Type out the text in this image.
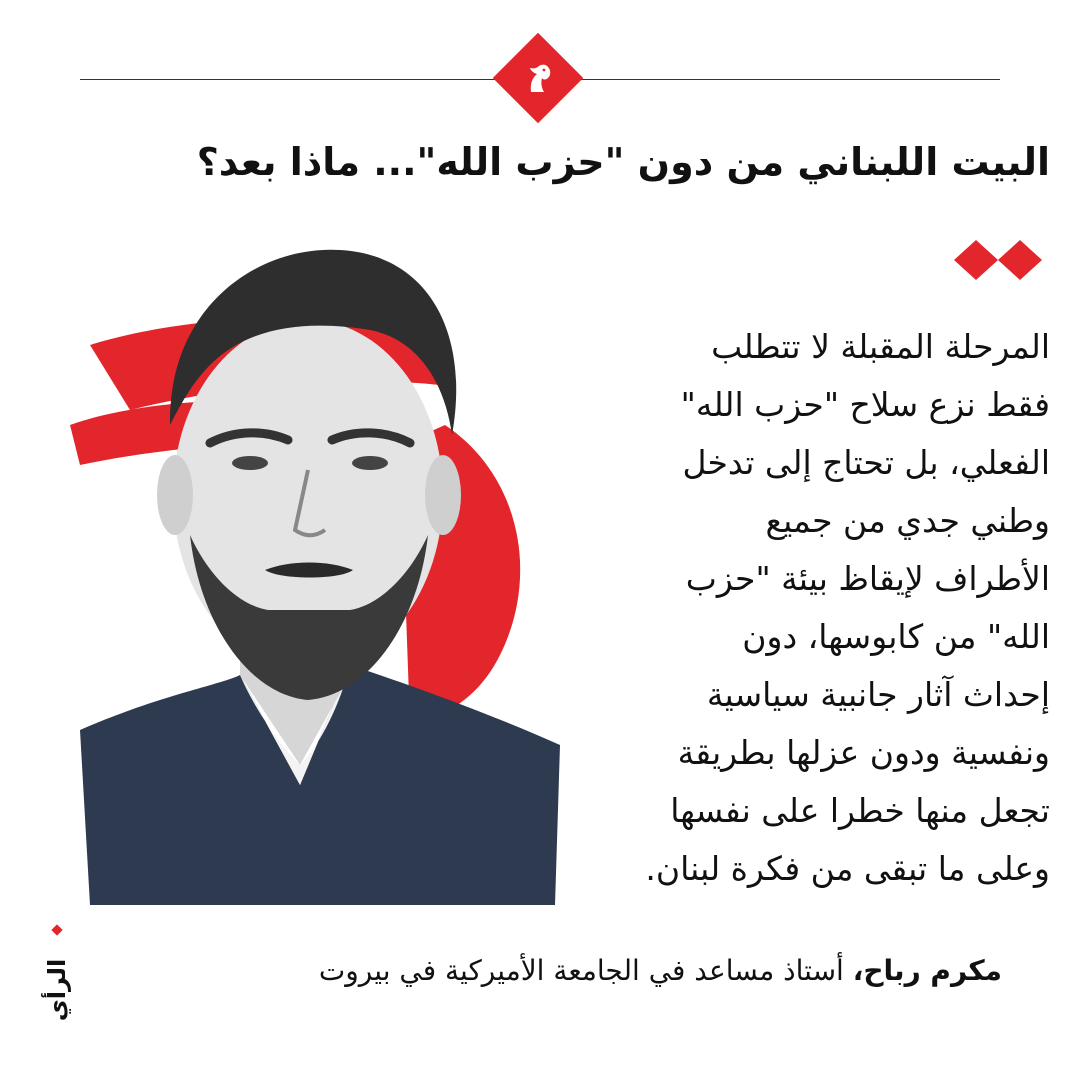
البيت اللبناني من دون "حزب الله"... ماذا بعد؟

المرحلة المقبلة لا تتطلب
فقط نزع سلاح "حزب الله"
الفعلي، بل تحتاج إلى تدخل
وطني جدي من جميع
الأطراف لإيقاظ بيئة "حزب
الله" من كابوسها، دون
إحداث آثار جانبية سياسية
ونفسية ودون عزلها بطريقة
تجعل منها خطرا على نفسها
وعلى ما تبقى من فكرة لبنان.

مكرم رباح، أستاذ مساعد في الجامعة الأميركية في بيروت
الرأي
